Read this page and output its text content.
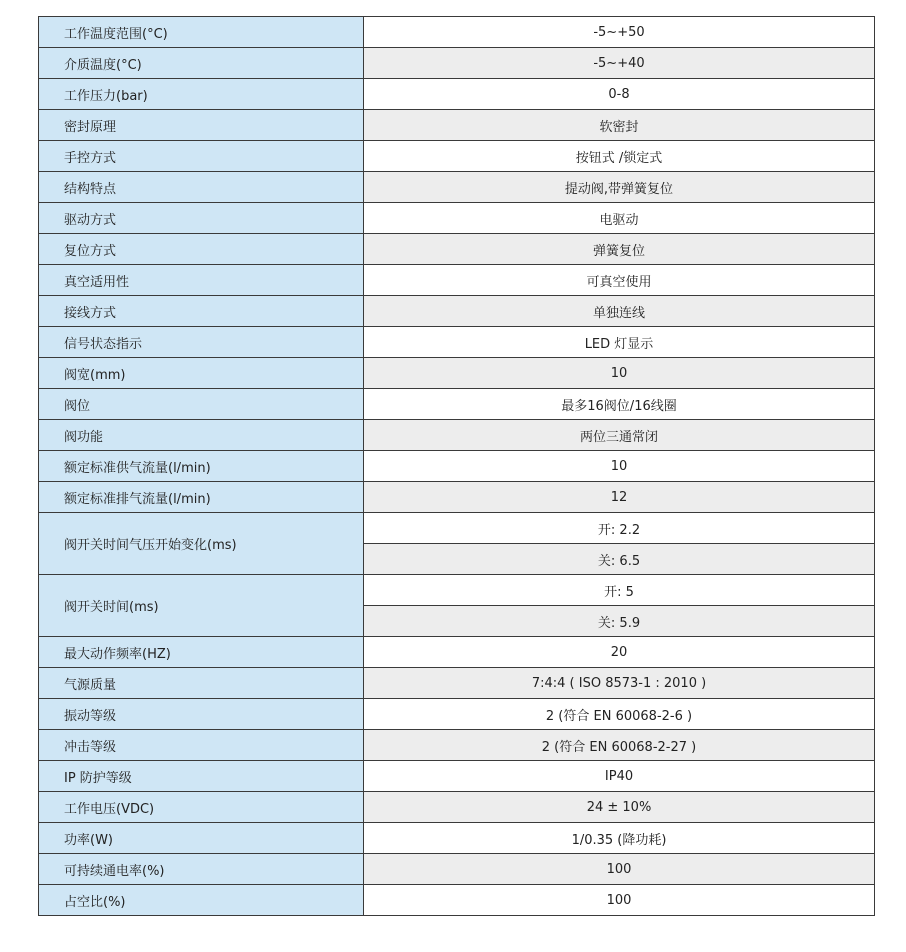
工作温度范围(°C)	-5~+50
介质温度(°C)	-5~+40
工作压力(bar)	0-8
密封原理	软密封
手控方式	按钮式 /锁定式
结构特点	提动阀,带弹簧复位
驱动方式	电驱动
复位方式	弹簧复位
真空适用性	可真空使用
接线方式	单独连线
信号状态指示	LED 灯显示
阀宽(mm)	10
阀位	最多16阀位/16线圈
阀功能	两位三通常闭
额定标准供气流量(l/min)	10
额定标准排气流量(l/min)	12
阀开关时间气压开始变化(ms)	开: 2.2
	关: 6.5
阀开关时间(ms)	开: 5
	关: 5.9
最大动作频率(HZ)	20
气源质量	7:4:4 ( ISO 8573-1 : 2010 )
振动等级	2 (符合 EN 60068-2-6 )
冲击等级	2 (符合 EN 60068-2-27 )
IP 防护等级	IP40
工作电压(VDC)	24 ± 10%
功率(W)	1/0.35 (降功耗)
可持续通电率(%)	100
占空比(%)	100
